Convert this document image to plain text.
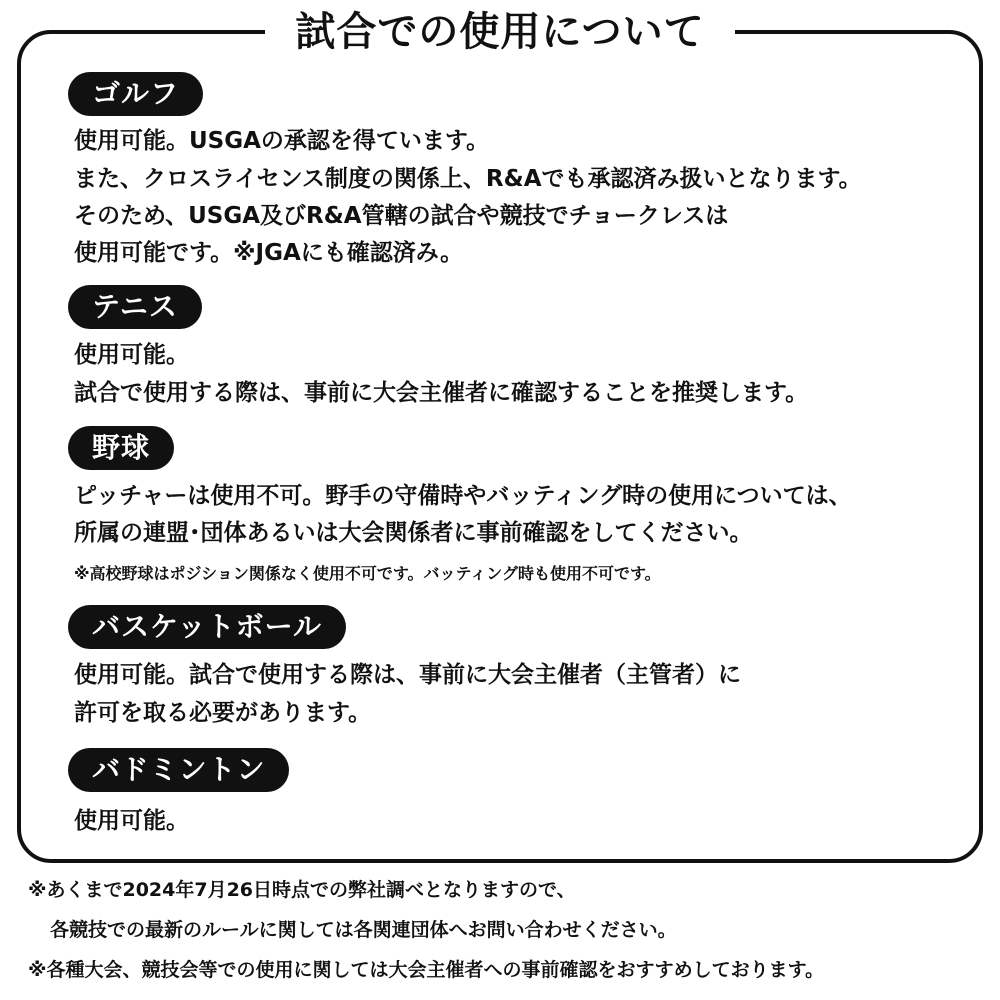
試合での使用について
ゴルフ
使用可能。USGAの承認を得ています。
また、クロスライセンス制度の関係上、R&Aでも承認済み扱いとなります。
そのため、USGA及びR&A管轄の試合や競技でチョークレスは
使用可能です。※JGAにも確認済み。
テニス
使用可能。
試合で使用する際は、事前に大会主催者に確認することを推奨します。
野球
ピッチャーは使用不可。野手の守備時やバッティング時の使用については、
所属の連盟･団体あるいは大会関係者に事前確認をしてください。
※高校野球はポジション関係なく使用不可です。バッティング時も使用不可です。
バスケットボール
使用可能。試合で使用する際は、事前に大会主催者（主管者）に
許可を取る必要があります。
バドミントン
使用可能。
※あくまで2024年7月26日時点での弊社調べとなりますので、
各競技での最新のルールに関しては各関連団体へお問い合わせください。
※各種大会、競技会等での使用に関しては大会主催者への事前確認をおすすめしております。
